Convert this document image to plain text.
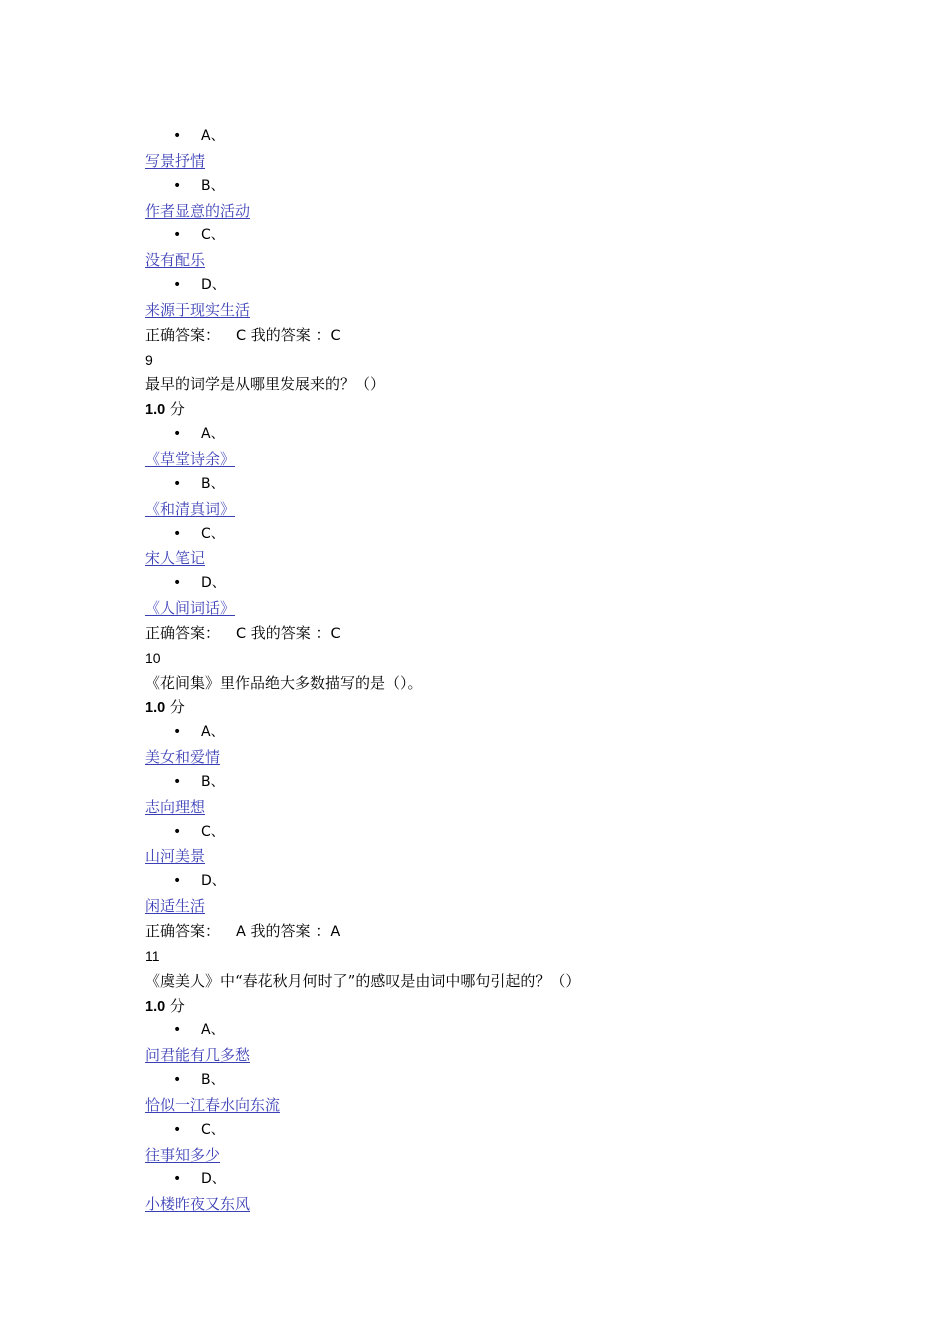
• A、
写景抒情
• B、
作者显意的活动
• C、
没有配乐
• D、
来源于现实生活
正确答案： C 我的答案 ：C
9
最早的词学是从哪里发展来的？（）
1.0 分
• A、
《草堂诗余》
• B、
《和清真词》
• C、
宋人笔记
• D、
《人间词话》
正确答案： C 我的答案 ：C
10
《花间集》里作品绝大多数描写的是（）。
1.0 分
• A、
美女和爱情
• B、
志向理想
• C、
山河美景
• D、
闲适生活
正确答案： A 我的答案 ：A
11
《虞美人》中“春花秋月何时了”的感叹是由词中哪句引起的？（）
1.0 分
• A、
问君能有几多愁
• B、
恰似一江春水向东流
• C、
往事知多少
• D、
小楼昨夜又东风
